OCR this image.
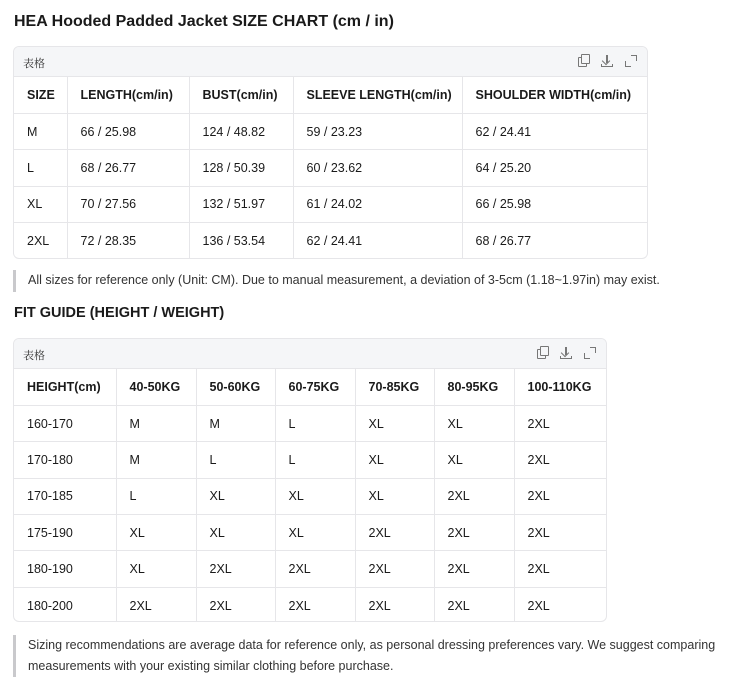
HEA Hooded Padded Jacket SIZE CHART (cm / in)
表格
SIZE	LENGTH(cm/in)	BUST(cm/in)	SLEEVE LENGTH(cm/in)	SHOULDER WIDTH(cm/in)
M	66 / 25.98	124 / 48.82	59 / 23.23	62 / 24.41
L	68 / 26.77	128 / 50.39	60 / 23.62	64 / 25.20
XL	70 / 27.56	132 / 51.97	61 / 24.02	66 / 25.98
2XL	72 / 28.35	136 / 53.54	62 / 24.41	68 / 26.77
All sizes for reference only (Unit: CM). Due to manual measurement, a deviation of 3-5cm (1.18~1.97in) may exist.
FIT GUIDE (HEIGHT / WEIGHT)
表格
HEIGHT(cm)	40-50KG	50-60KG	60-75KG	70-85KG	80-95KG	100-110KG
160-170	M	M	L	XL	XL	2XL
170-180	M	L	L	XL	XL	2XL
170-185	L	XL	XL	XL	2XL	2XL
175-190	XL	XL	XL	2XL	2XL	2XL
180-190	XL	2XL	2XL	2XL	2XL	2XL
180-200	2XL	2XL	2XL	2XL	2XL	2XL
Sizing recommendations are average data for reference only, as personal dressing preferences vary. We suggest comparing measurements with your existing similar clothing before purchase.
